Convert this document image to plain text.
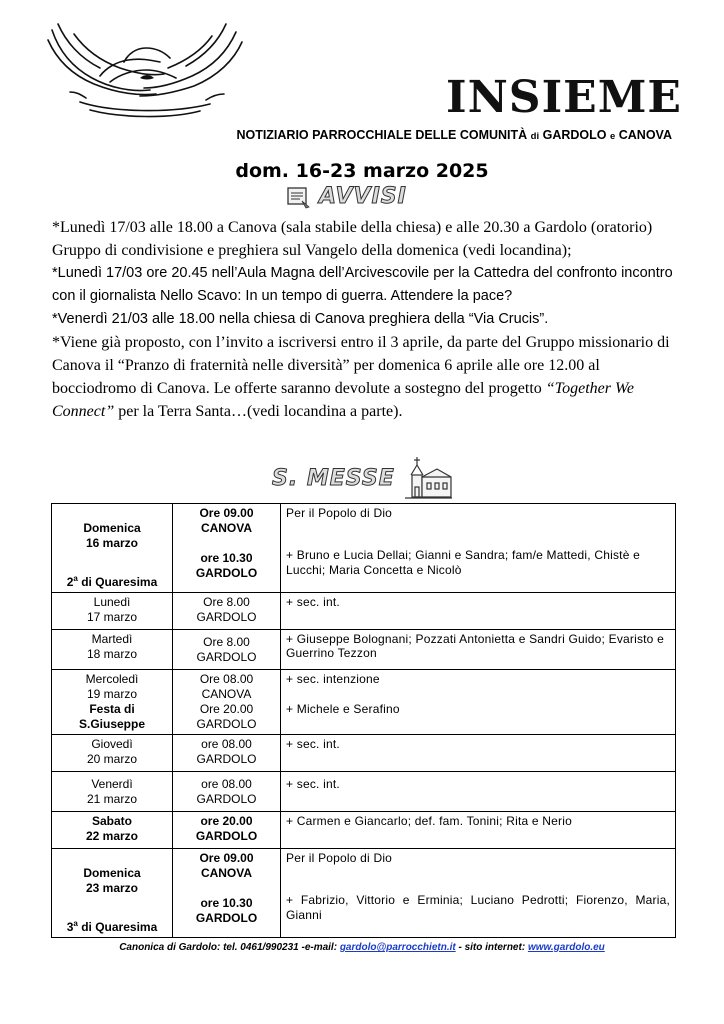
INSIEME
NOTIZIARIO PARROCCHIALE DELLE COMUNITÀ di GARDOLO e CANOVA
dom. 16-23 marzo 2025
AVVISI

*Lunedì 17/03 alle 18.00 a Canova (sala stabile della chiesa) e alle 20.30 a Gardolo (oratorio) Gruppo di condivisione e preghiera sul Vangelo della domenica (vedi locandina);

*Lunedì 17/03 ore 20.45 nell’Aula Magna dell’Arcivescovile per la Cattedra del confronto incontro con il giornalista Nello Scavo: In un tempo di guerra. Attendere la pace?

*Venerdì 21/03 alle 18.00 nella chiesa di Canova preghiera della “Via Crucis”.

*Viene già proposto, con l’invito a iscriversi entro il 3 aprile, da parte del Gruppo missionario di Canova il “Pranzo di fraternità nelle diversità” per domenica 6 aprile alle ore 12.00 al bocciodromo di Canova. Le offerte saranno devolute a sostegno del progetto “Together We Connect” per la Terra Santa…(vedi locandina a parte).

S. MESSE
Domenica
16 marzo
2$^a$ di Quaresima	Ore 09.00
CANOVA
ore 10.30
GARDOLO	Per il Popolo di Dio
+ Bruno e Lucia Dellai; Gianni e Sandra; fam/e Mattedi, Chistè e Lucchi; Maria Concetta e Nicolò

Lunedì
17 marzo	Ore 8.00
GARDOLO	+ sec. int.

Martedì
18 marzo	Ore 8.00
GARDOLO	+ Giuseppe Bolognani; Pozzati Antonietta e Sandri Guido; Evaristo e Guerrino Tezzon

Mercoledì
19 marzo
Festa di
S.Giuseppe	Ore 08.00
CANOVA
Ore 20.00
GARDOLO	+ sec. intenzione
+ Michele e Serafino

Giovedì
20 marzo	ore 08.00
GARDOLO	+ sec. int.

Venerdì
21 marzo	ore 08.00
GARDOLO	+ sec. int.

Sabato
22 marzo	ore 20.00
GARDOLO	+ Carmen e Giancarlo; def. fam. Tonini; Rita e Nerio

Domenica
23 marzo
3$^a$ di Quaresima	Ore 09.00
CANOVA
ore 10.30
GARDOLO	Per il Popolo di Dio
+ Fabrizio, Vittorio e Erminia; Luciano Pedrotti; Fiorenzo, Maria, Gianni
Canonica di Gardolo: tel. 0461/990231 -e-mail: gardolo@parrocchietn.it - sito internet: www.gardolo.eu
